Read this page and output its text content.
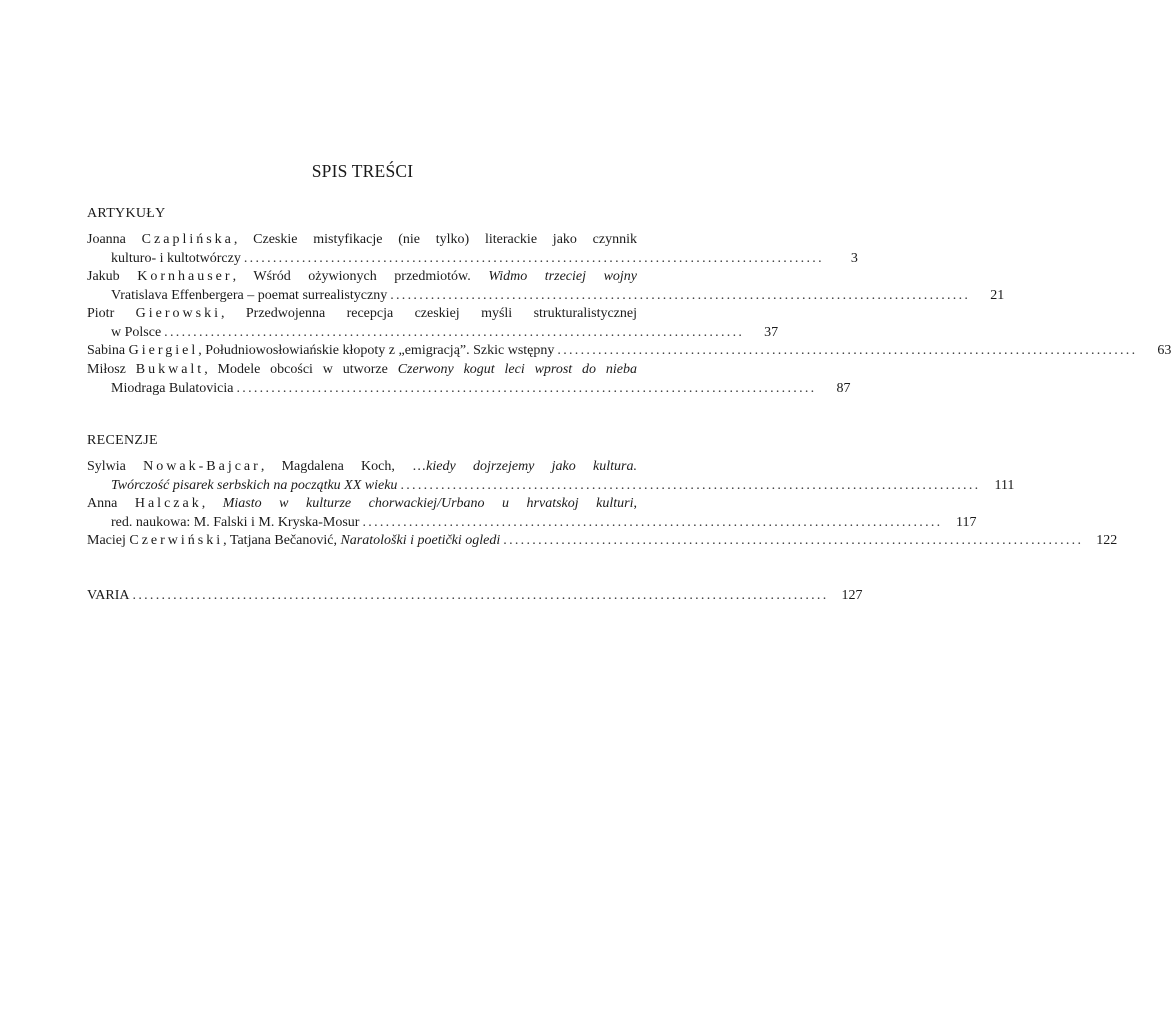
SPIS TREŚCI
ARTYKUŁY
Joanna Czaplińska, Czeskie mistyfikacje (nie tylko) literackie jako czynnik
kulturo- i kultotwórczy ....................................................................................................	3
Jakub Kornhauser, Wśród ożywionych przedmiotów. Widmo trzeciej wojny
Vratislava Effenbergera – poemat surrealistyczny ....................................................................................................	21
Piotr Gierowski, Przedwojenna recepcja czeskiej myśli strukturalistycznej
w Polsce ....................................................................................................	37
Sabina Giergiel, Południowosłowiańskie kłopoty z „emigracją”. Szkic wstępny ....................................................................................................	63
Miłosz Bukwalt, Modele obcości w utworze Czerwony kogut leci wprost do nieba
Miodraga Bulatovicia ....................................................................................................	87
RECENZJE
Sylwia Nowak-Bajcar, Magdalena Koch, …kiedy dojrzejemy jako kultura.
Twórczość pisarek serbskich na początku XX wieku ....................................................................................................	111
Anna Halczak, Miasto w kulturze chorwackiej/Urbano u hrvatskoj kulturi,
red. naukowa: M. Falski i M. Kryska-Mosur .................................................................................................... 117
Maciej Czerwiński, Tatjana Bečanović, Naratološki i poetički ogledi .................................................................................................... 122
VARIA ........................................................................................................................ 127
